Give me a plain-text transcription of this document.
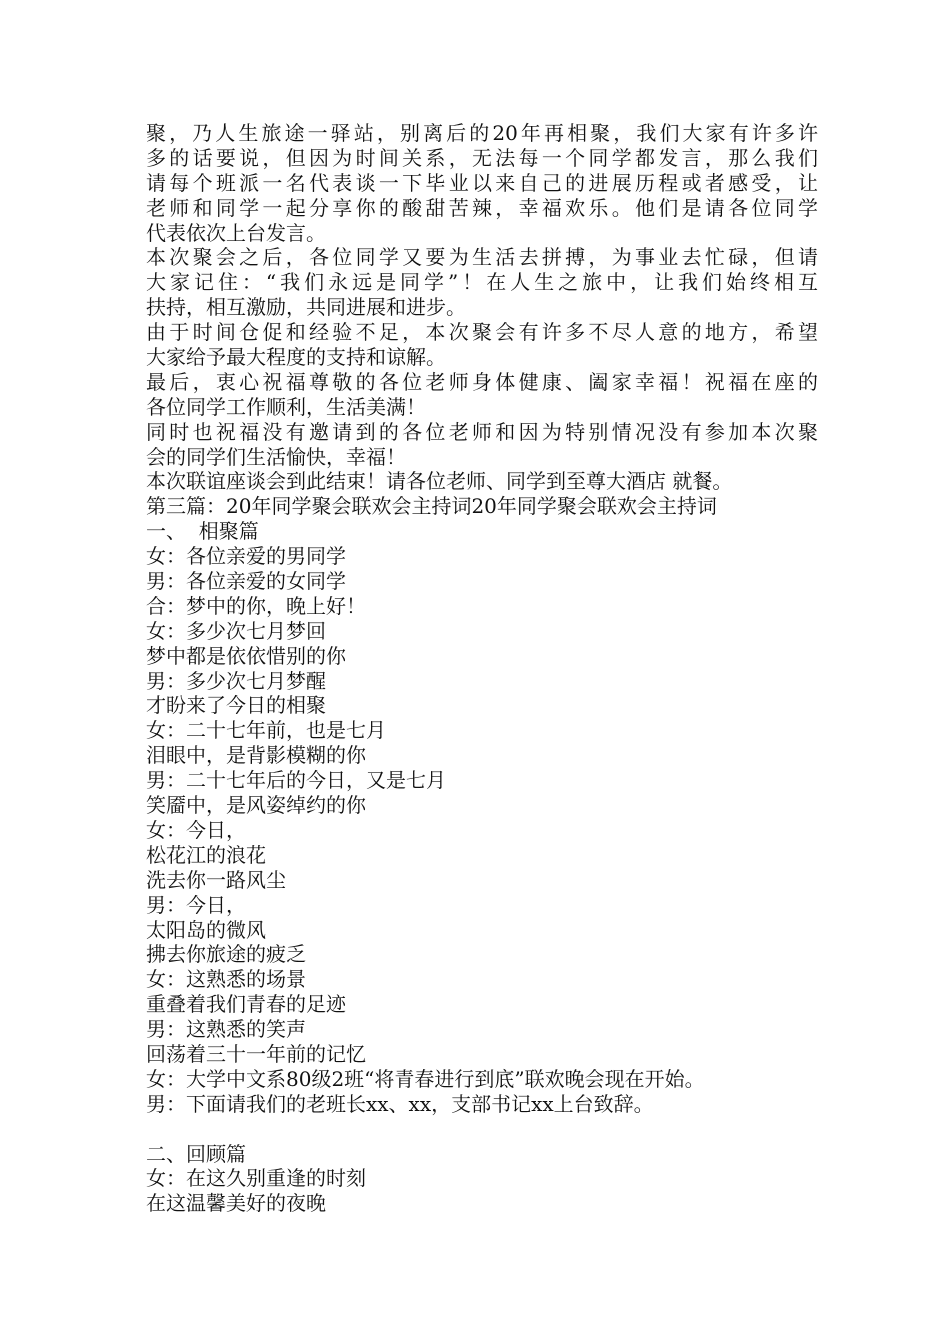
聚，乃人生旅途一驿站，别离后的20年再相聚，我们大家有许多许
多的话要说，但因为时间关系，无法每一个同学都发言，那么我们
请每个班派一名代表谈一下毕业以来自己的进展历程或者感受，让
老师和同学一起分享你的酸甜苦辣，幸福欢乐。他们是请各位同学
代表依次上台发言。
本次聚会之后，各位同学又要为生活去拼搏，为事业去忙碌，但请
大家记住：“我们永远是同学”！在人生之旅中，让我们始终相互
扶持，相互激励，共同进展和进步。
由于时间仓促和经验不足，本次聚会有许多不尽人意的地方，希望
大家给予最大程度的支持和谅解。
最后，衷心祝福尊敬的各位老师身体健康、阖家幸福！祝福在座的
各位同学工作顺利，生活美满！
同时也祝福没有邀请到的各位老师和因为特别情况没有参加本次聚
会的同学们生活愉快，幸福！
本次联谊座谈会到此结束！请各位老师、同学到至尊大酒店 就餐。
第三篇：20年同学聚会联欢会主持词20年同学聚会联欢会主持词
一、  相聚篇
女：各位亲爱的男同学
男：各位亲爱的女同学
合：梦中的你，晚上好！
女：多少次七月梦回
梦中都是依依惜别的你
男：多少次七月梦醒
才盼来了今日的相聚
女：二十七年前，也是七月
泪眼中，是背影模糊的你
男：二十七年后的今日，又是七月
笑靥中，是风姿绰约的你
女：今日，
松花江的浪花
洗去你一路风尘
男：今日，
太阳岛的微风
拂去你旅途的疲乏
女：这熟悉的场景
重叠着我们青春的足迹
男：这熟悉的笑声
回荡着三十一年前的记忆
女：大学中文系80级2班“将青春进行到底”联欢晚会现在开始。
男：下面请我们的老班长xx、xx，支部书记xx上台致辞。
二、回顾篇
女：在这久别重逢的时刻
在这温馨美好的夜晚
